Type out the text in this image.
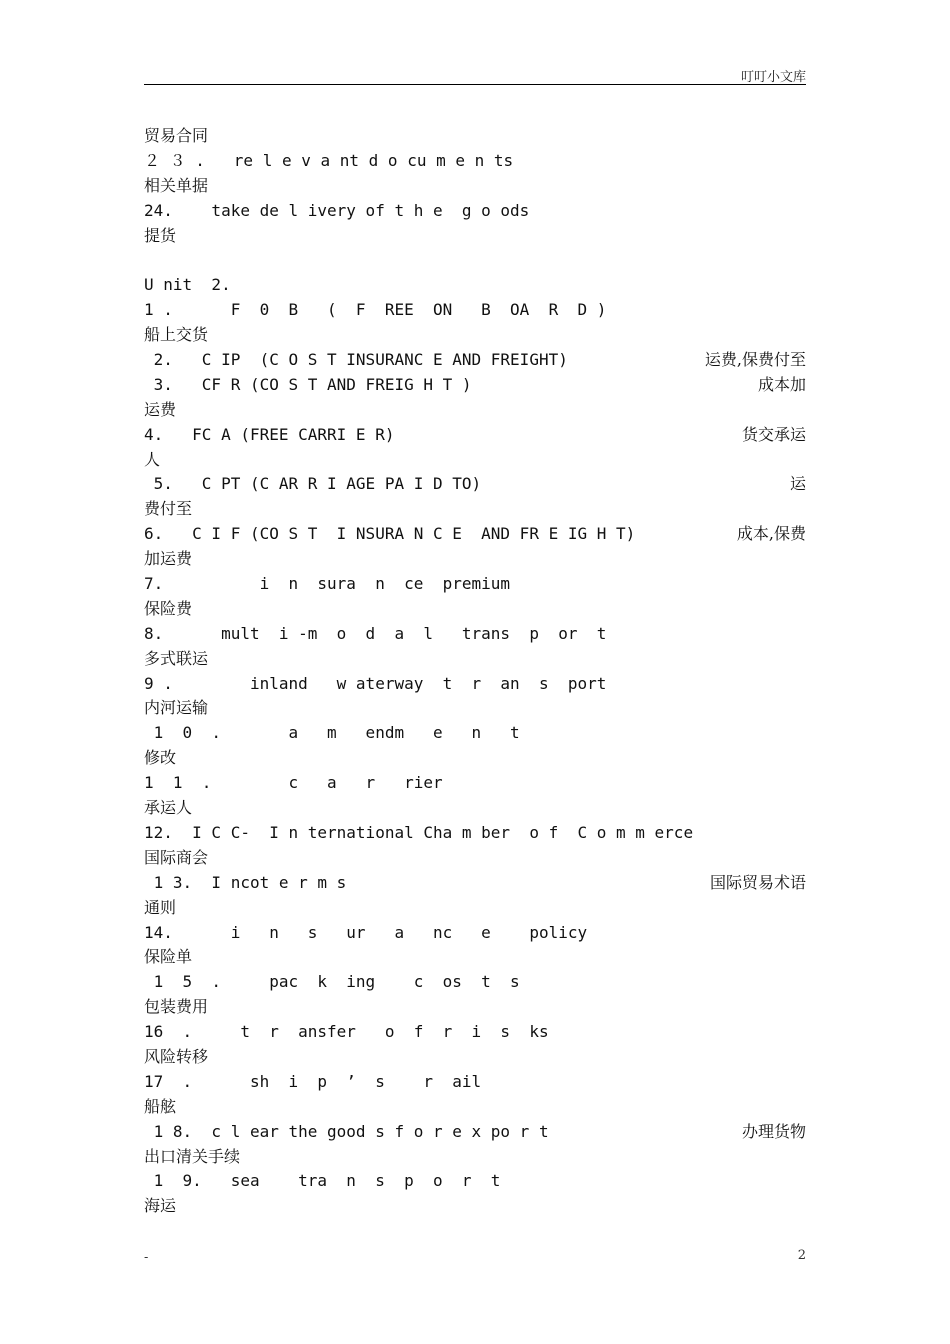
叮叮小文库
贸易合同
２ ３ .   re l e v a nt d o cu m e n ts
相关单据
24.    take de l ivery of t h e  g o ods
提货
U nit  2.
1 .      F  0  B   (  F  REE  ON   B  OA  R  D )
船上交货
2.   C IP  (C O S T INSURANC E AND FREIGHT)	运费,保费付至
3.   CF R (CO S T AND FREIG H T )	成本加
运费
4.   FC A (FREE CARRI E R)	货交承运
人
5.   C PT (C AR R I AGE PA I D TO)	运
费付至
6.   C I F (CO S T  I NSURA N C E  AND FR E IG H T)	成本,保费
加运费
7.          i  n  sura  n  ce  premium
保险费
8.      mult  i -m  o  d  a  l   trans  p  or  t
多式联运
9 .        inland   w aterway  t  r  an  s  port
内河运输
1  0  .       a   m   endm   e   n   t
修改
1  1  .        c   a   r   rier
承运人
12.  I C C-  I n ternational Cha m ber  o f  C o m m erce
国际商会
1 3.  I ncot e r m s	国际贸易术语
通则
14.      i   n   s   ur   a   nc   e    policy
保险单
1  5  .     pac  k  ing    c  os  t  s
包装费用
16  .     t  r  ansfer   o  f  r  i  s  ks
风险转移
17  .      sh  i  p  ’  s    r  ail
船舷
1 8.  c l ear the good s f o r e x po r t	办理货物
出口清关手续
1  9.   sea    tra  n  s  p  o  r  t
海运
-	2
